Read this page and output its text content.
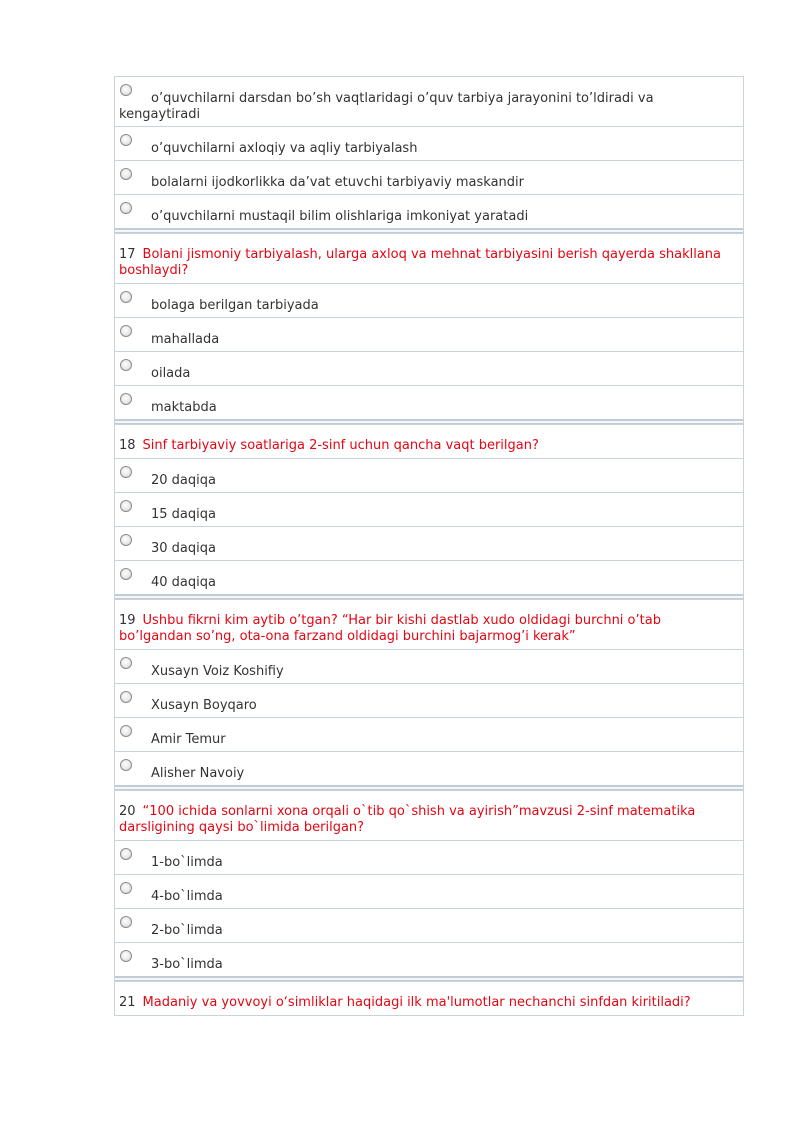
o’quvchilarni darsdan bo’sh vaqtlaridagi o’quv tarbiya jarayonini to’ldiradi va kengaytiradi
o’quvchilarni axloqiy va aqliy tarbiyalash
bolalarni ijodkorlikka da’vat etuvchi tarbiyaviy maskandir
o’quvchilarni mustaqil bilim olishlariga imkoniyat yaratadi
17 Bolani jismoniy tarbiyalash, ularga axloq va mehnat tarbiyasini berish qayerda shakllana boshlaydi?
bolaga berilgan tarbiyada
mahallada
oilada
maktabda
18 Sinf tarbiyaviy soatlariga 2-sinf uchun qancha vaqt berilgan?
20 daqiqa
15 daqiqa
30 daqiqa
40 daqiqa
19 Ushbu fikrni kim aytib o’tgan? “Har bir kishi dastlab xudo oldidagi burchni o’tab bo’lgandan so’ng, ota-ona farzand oldidagi burchini bajarmog’i kerak”
Xusayn Voiz Koshifiy
Xusayn Boyqaro
Amir Temur
Alisher Navoiy
20 “100 ichida sonlarni xona orqali o`tib qo`shish va ayirish”mavzusi 2-sinf matematika darsligining qaysi bo`limida berilgan?
1-bo`limda
4-bo`limda
2-bo`limda
3-bo`limda
21 Madaniy va yovvoyi o‘simliklar haqidagi ilk ma'lumotlar nechanchi sinfdan kiritiladi?
